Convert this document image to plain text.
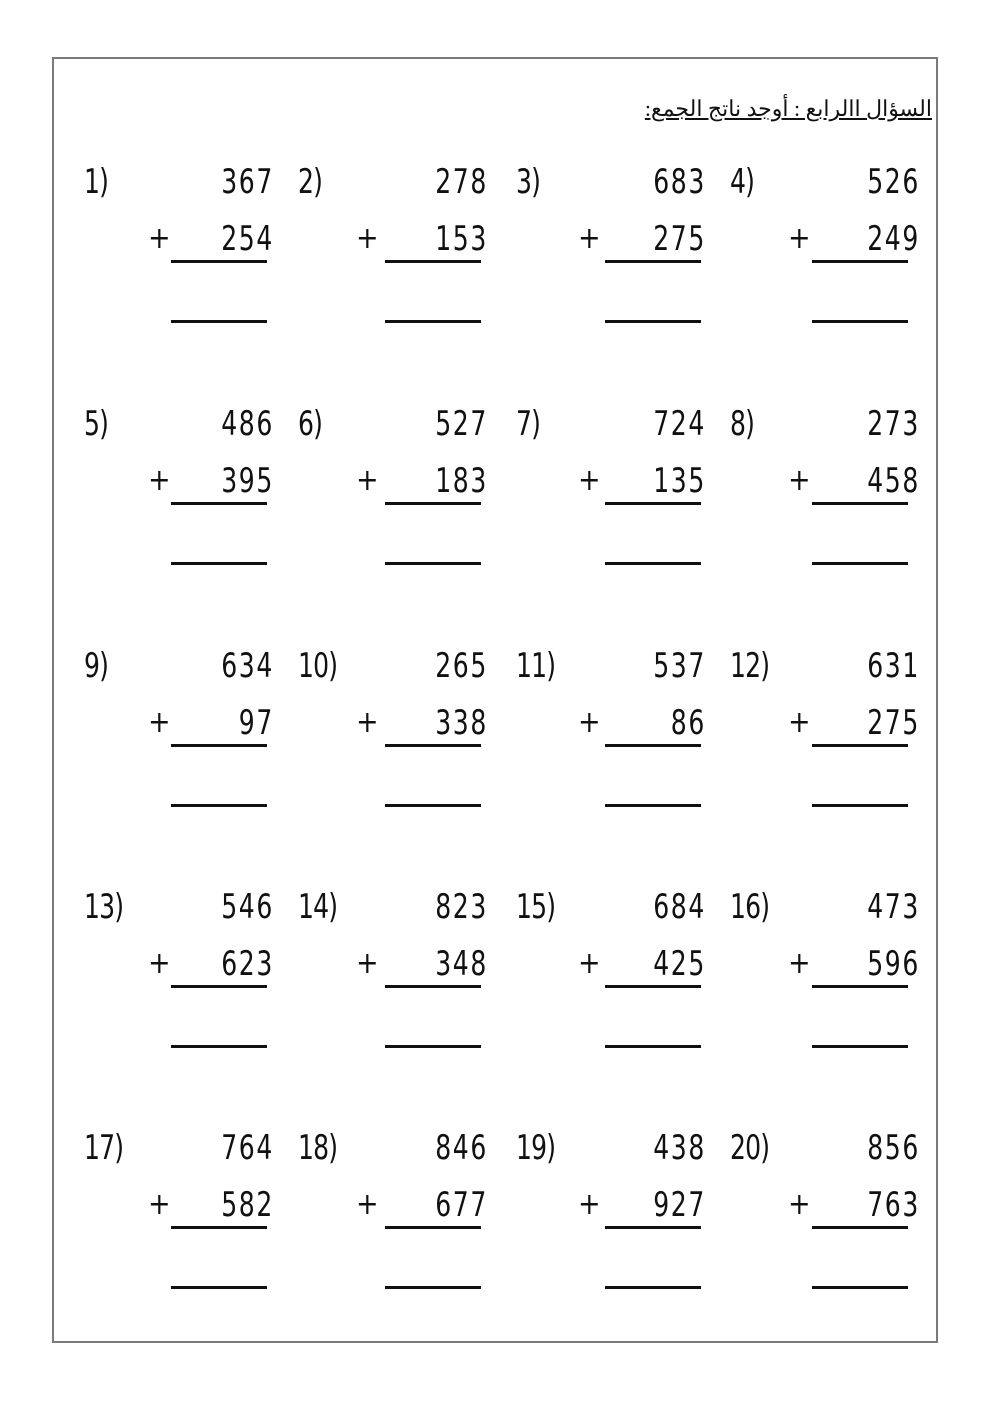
السؤال االرابع : أوجد ناتج الجمع:
1)	367
+	254
2)	278
+	153
3)	683
+	275
4)	526
+	249
5)	486
+	395
6)	527
+	183
7)	724
+	135
8)	273
+	458
9)	634
+	97
10)	265
+	338
11)	537
+	86
12)	631
+	275
13)	546
+	623
14)	823
+	348
15)	684
+	425
16)	473
+	596
17)	764
+	582
18)	846
+	677
19)	438
+	927
20)	856
+	763
